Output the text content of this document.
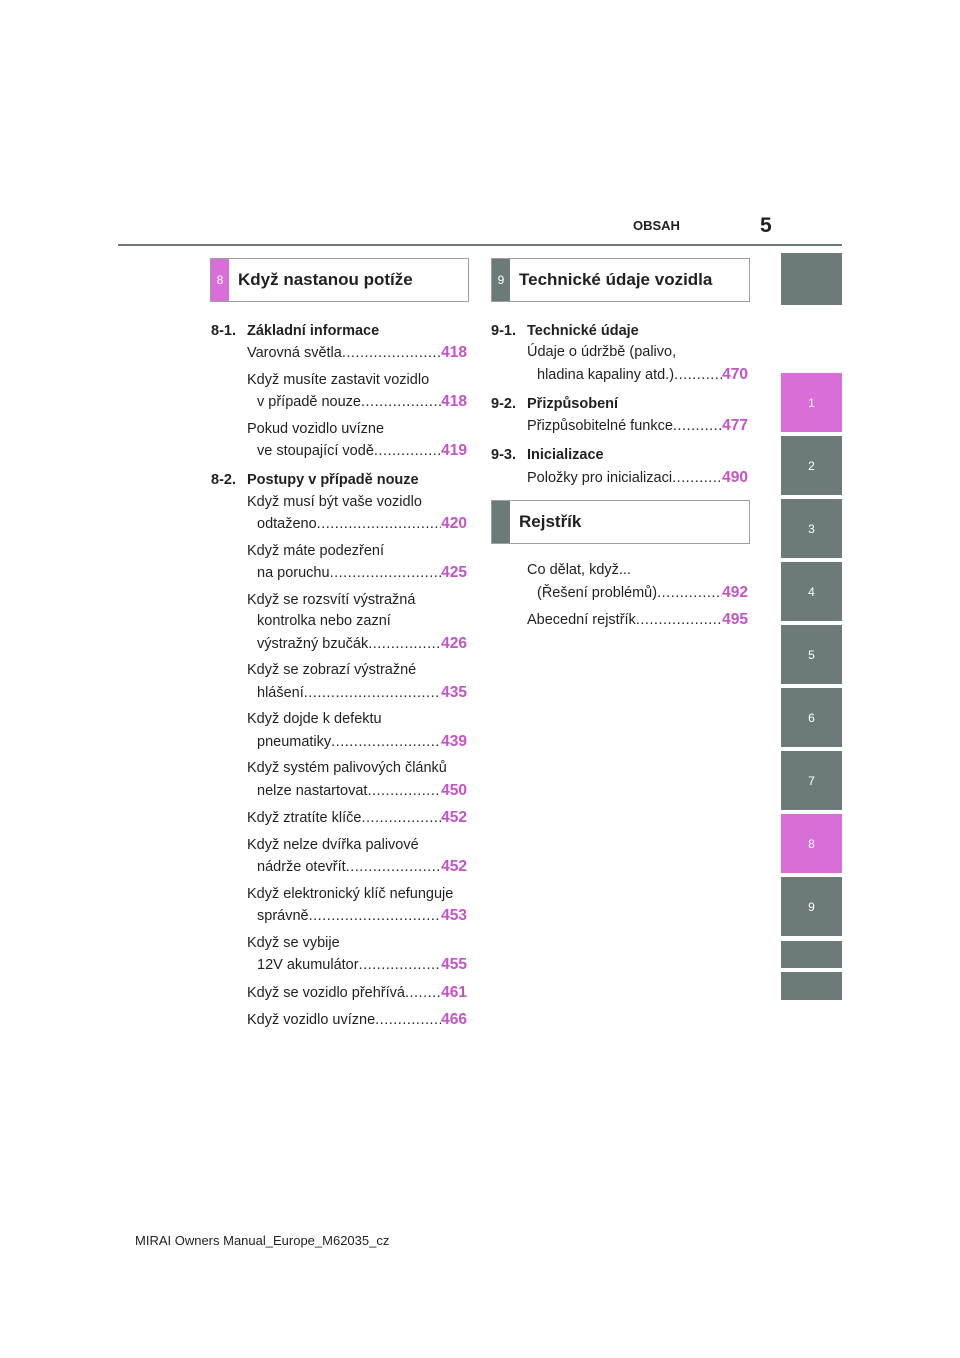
OBSAH	5
8 Když nastanou potíže
8-1. Základní informace
Varovná světla .....	418
Když musíte zastavit vozidlo
v případě nouze .....	418
Pokud vozidlo uvízne
ve stoupající vodě .....	419
8-2. Postupy v případě nouze
Když musí být vaše vozidlo
odtaženo .....	420
Když máte podezření
na poruchu .....	425
Když se rozsvítí výstražná
kontrolka nebo zazní
výstražný bzučák .....	426
Když se zobrazí výstražné
hlášení .....	435
Když dojde k defektu
pneumatiky .....	439
Když systém palivových článků
nelze nastartovat .....	450
Když ztratíte klíče .....	452
Když nelze dvířka palivové
nádrže otevřít .....	452
Když elektronický klíč nefunguje
správně .....	453
Když se vybije
12V akumulátor .....	455
Když se vozidlo přehřívá ..... 461
Když vozidlo uvízne .....	466
9 Technické údaje vozidla
9-1. Technické údaje
Údaje o údržbě (palivo,
hladina kapaliny atd.) .....	470
9-2. Přizpůsobení
Přizpůsobitelné funkce .....	477
9-3. Inicializace
Položky pro inicializaci .....	490
Rejstřík
Co dělat, když...
(Řešení problémů) .....	492
Abecední rejstřík .....	495
1
2
3
4
5
6
7
8
9
MIRAI Owners Manual_Europe_M62035_cz
